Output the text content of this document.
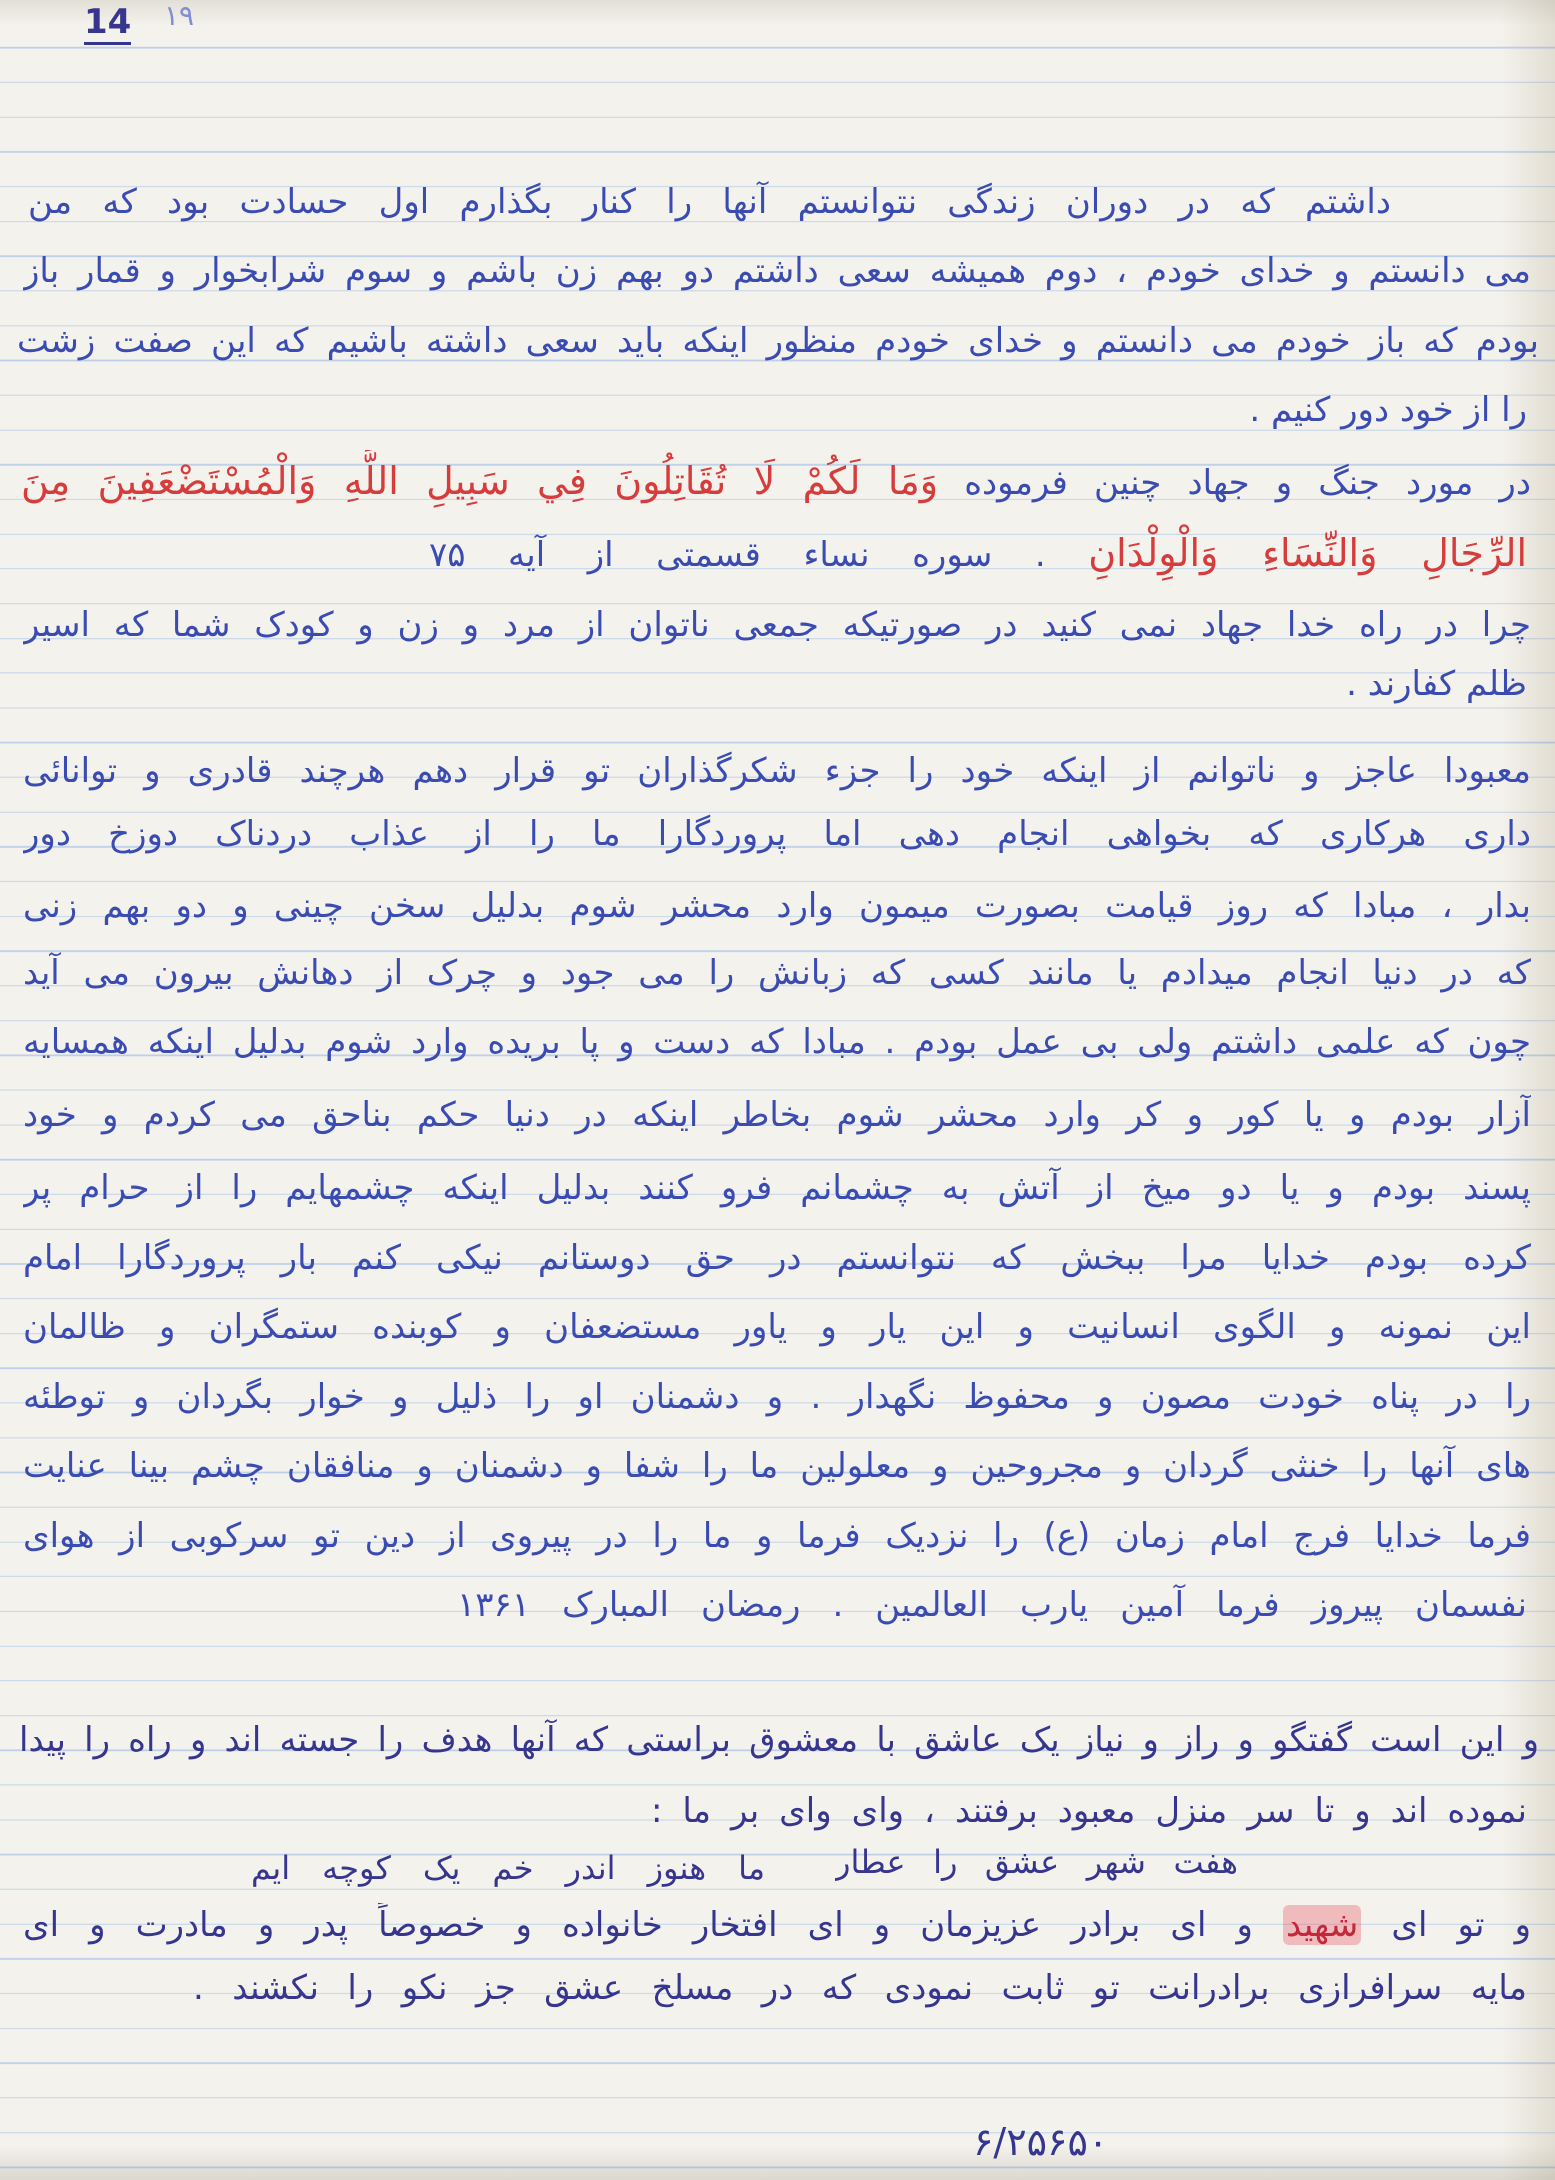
14 ۱۹
داشتم که در دوران زندگی نتوانستم آنها را کنار بگذارم اول حسادت بود که من
می دانستم و خدای خودم ، دوم همیشه سعی داشتم دو بهم زن باشم و سوم شرابخوار و قمار باز
بودم که باز خودم می دانستم و خدای خودم منظور اینکه باید سعی داشته باشیم که این صفت زشت
را از خود دور کنیم .
در مورد جنگ و جهاد چنین فرموده وَمَا لَكُمْ لَا تُقَاتِلُونَ فِي سَبِيلِ اللَّهِ وَالْمُسْتَضْعَفِينَ مِنَ
الرِّجَالِ وَالنِّسَاءِ وَالْوِلْدَانِ . سوره نساء قسمتی از آیه ۷۵
چرا در راه خدا جهاد نمی کنید در صورتیکه جمعی ناتوان از مرد و زن و کودک شما که اسیر
ظلم کفارند .
معبودا عاجز و ناتوانم از اینکه خود را جزء شکرگذاران تو قرار دهم هرچند قادری و توانائی
داری هرکاری که بخواهی انجام دهی اما پروردگارا ما را از عذاب دردناک دوزخ دور
بدار ، مبادا که روز قیامت بصورت میمون وارد محشر شوم بدلیل سخن چینی و دو بهم زنی
که در دنیا انجام میدادم یا مانند کسی که زبانش را می جود و چرک از دهانش بیرون می آید
چون که علمی داشتم ولی بی عمل بودم . مبادا که دست و پا بریده وارد شوم بدلیل اینکه همسایه
آزار بودم و یا کور و کر وارد محشر شوم بخاطر اینکه در دنیا حکم بناحق می کردم و خود
پسند بودم و یا دو میخ از آتش به چشمانم فرو کنند بدلیل اینکه چشمهایم را از حرام پر
کرده بودم خدایا مرا ببخش که نتوانستم در حق دوستانم نیکی کنم بار پروردگارا امام
این نمونه و الگوی انسانیت و این یار و یاور مستضعفان و کوبنده ستمگران و ظالمان
را در پناه خودت مصون و محفوظ نگهدار . و دشمنان او را ذلیل و خوار بگردان و توطئه
های آنها را خنثی گردان و مجروحین و معلولین ما را شفا و دشمنان و منافقان چشم بینا عنایت
فرما خدایا فرج امام زمان (ع) را نزدیک فرما و ما را در پیروی از دین تو سرکوبی از هوای
نفسمان پیروز فرما آمین یارب العالمین . رمضان المبارک ۱۳۶۱
و این است گفتگو و راز و نیاز یک عاشق با معشوق براستی که آنها هدف را جسته اند و راه را پیدا
نموده اند و تا سر منزل معبود برفتند ، وای وای بر ما :
هفت شهر عشق را عطار
ما هنوز اندر خم یک کوچه ایم
و تو ای شهید و ای برادر عزیزمان و ای افتخار خانواده و خصوصاً پدر و مادرت و ای
مایه سرافرازی برادرانت تو ثابت نمودی که در مسلخ عشق جز نکو را نکشند .
۶/۲۵۶۵۰
